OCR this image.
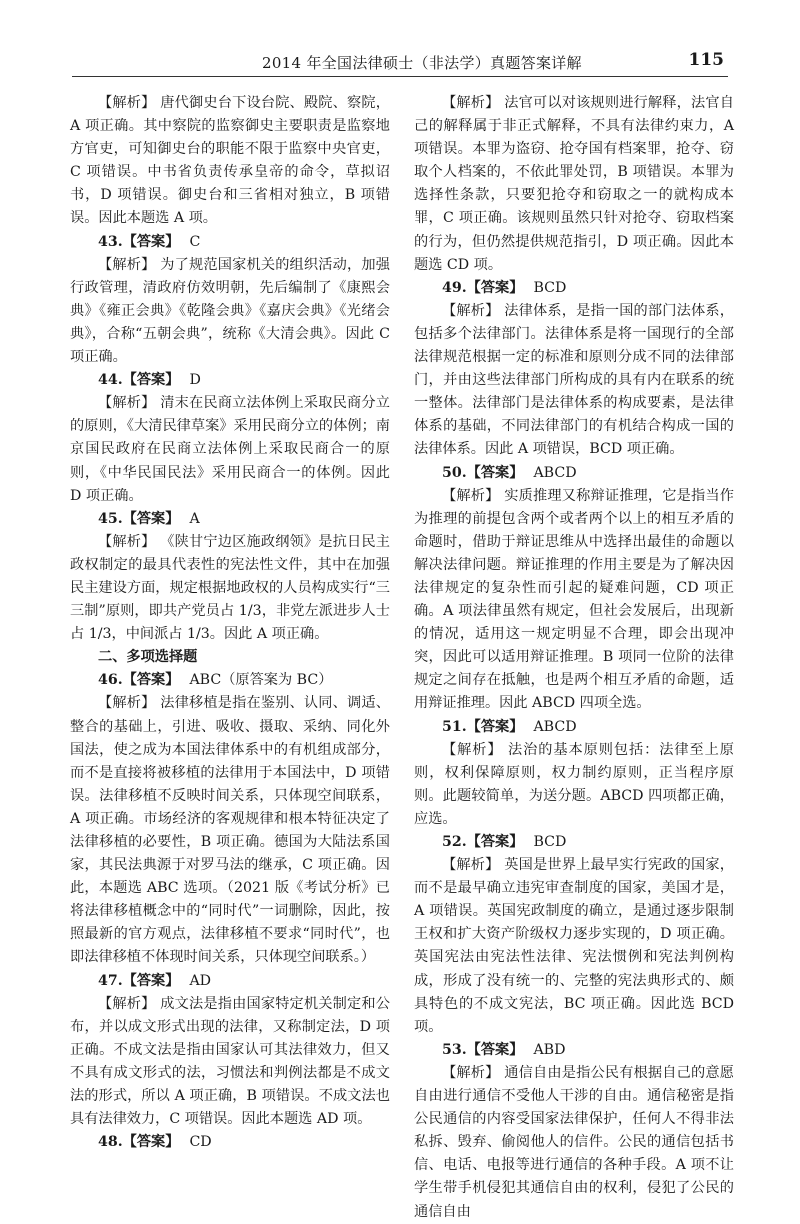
2014 年全国法律硕士（非法学）真题答案详解	115

【解析】 唐代御史台下设台院、殿院、察院，A 项正确。其中察院的监察御史主要职责是监察地方官吏，可知御史台的职能不限于监察中央官吏，C 项错误。中书省负责传承皇帝的命令，草拟诏书，D 项错误。御史台和三省相对独立，B 项错误。因此本题选 A 项。

43.【答案】 C

【解析】 为了规范国家机关的组织活动，加强行政管理，清政府仿效明朝，先后编制了《康熙会典》《雍正会典》《乾隆会典》《嘉庆会典》《光绪会典》，合称“五朝会典”，统称《大清会典》。因此 C 项正确。

44.【答案】 D

【解析】 清末在民商立法体例上采取民商分立的原则，《大清民律草案》采用民商分立的体例；南京国民政府在民商立法体例上采取民商合一的原则，《中华民国民法》采用民商合一的体例。因此 D 项正确。

45.【答案】 A

【解析】 《陕甘宁边区施政纲领》是抗日民主政权制定的最具代表性的宪法性文件，其中在加强民主建设方面，规定根据地政权的人员构成实行“三三制”原则，即共产党员占 1/3，非党左派进步人士占 1/3，中间派占 1/3。因此 A 项正确。

二、多项选择题

46.【答案】 ABC（原答案为 BC）

【解析】 法律移植是指在鉴别、认同、调适、整合的基础上，引进、吸收、摄取、采纳、同化外国法，使之成为本国法律体系中的有机组成部分，而不是直接将被移植的法律用于本国法中，D 项错误。法律移植不反映时间关系，只体现空间联系，A 项正确。市场经济的客观规律和根本特征决定了法律移植的必要性，B 项正确。德国为大陆法系国家，其民法典源于对罗马法的继承，C 项正确。因此，本题选 ABC 选项。（2021 版《考试分析》已将法律移植概念中的“同时代”一词删除，因此，按照最新的官方观点，法律移植不要求“同时代”，也即法律移植不体现时间关系，只体现空间联系。）

47.【答案】 AD

【解析】 成文法是指由国家特定机关制定和公布，并以成文形式出现的法律，又称制定法，D 项正确。不成文法是指由国家认可其法律效力，但又不具有成文形式的法，习惯法和判例法都是不成文法的形式，所以 A 项正确，B 项错误。不成文法也具有法律效力，C 项错误。因此本题选 AD 项。

48.【答案】 CD

【解析】 法官可以对该规则进行解释，法官自己的解释属于非正式解释，不具有法律约束力，A 项错误。本罪为盗窃、抢夺国有档案罪，抢夺、窃取个人档案的，不依此罪处罚，B 项错误。本罪为选择性条款，只要犯抢夺和窃取之一的就构成本罪，C 项正确。该规则虽然只针对抢夺、窃取档案的行为，但仍然提供规范指引，D 项正确。因此本题选 CD 项。

49.【答案】 BCD

【解析】 法律体系，是指一国的部门法体系，包括多个法律部门。法律体系是将一国现行的全部法律规范根据一定的标准和原则分成不同的法律部门，并由这些法律部门所构成的具有内在联系的统一整体。法律部门是法律体系的构成要素，是法律体系的基础，不同法律部门的有机结合构成一国的法律体系。因此 A 项错误，BCD 项正确。

50.【答案】 ABCD

【解析】 实质推理又称辩证推理，它是指当作为推理的前提包含两个或者两个以上的相互矛盾的命题时，借助于辩证思维从中选择出最佳的命题以解决法律问题。辩证推理的作用主要是为了解决因法律规定的复杂性而引起的疑难问题，CD 项正确。A 项法律虽然有规定，但社会发展后，出现新的情况，适用这一规定明显不合理，即会出现冲突，因此可以适用辩证推理。B 项同一位阶的法律规定之间存在抵触，也是两个相互矛盾的命题，适用辩证推理。因此 ABCD 四项全选。

51.【答案】 ABCD

【解析】 法治的基本原则包括：法律至上原则，权利保障原则，权力制约原则，正当程序原则。此题较简单，为送分题。ABCD 四项都正确，应选。

52.【答案】 BCD

【解析】 英国是世界上最早实行宪政的国家，而不是最早确立违宪审查制度的国家，美国才是，A 项错误。英国宪政制度的确立，是通过逐步限制王权和扩大资产阶级权力逐步实现的，D 项正确。英国宪法由宪法性法律、宪法惯例和宪法判例构成，形成了没有统一的、完整的宪法典形式的、颇具特色的不成文宪法，BC 项正确。因此选 BCD 项。

53.【答案】 ABD

【解析】 通信自由是指公民有根据自己的意愿自由进行通信不受他人干涉的自由。通信秘密是指公民通信的内容受国家法律保护，任何人不得非法私拆、毁弃、偷阅他人的信件。公民的通信包括书信、电话、电报等进行通信的各种手段。A 项不让学生带手机侵犯其通信自由的权利，侵犯了公民的通信自由
